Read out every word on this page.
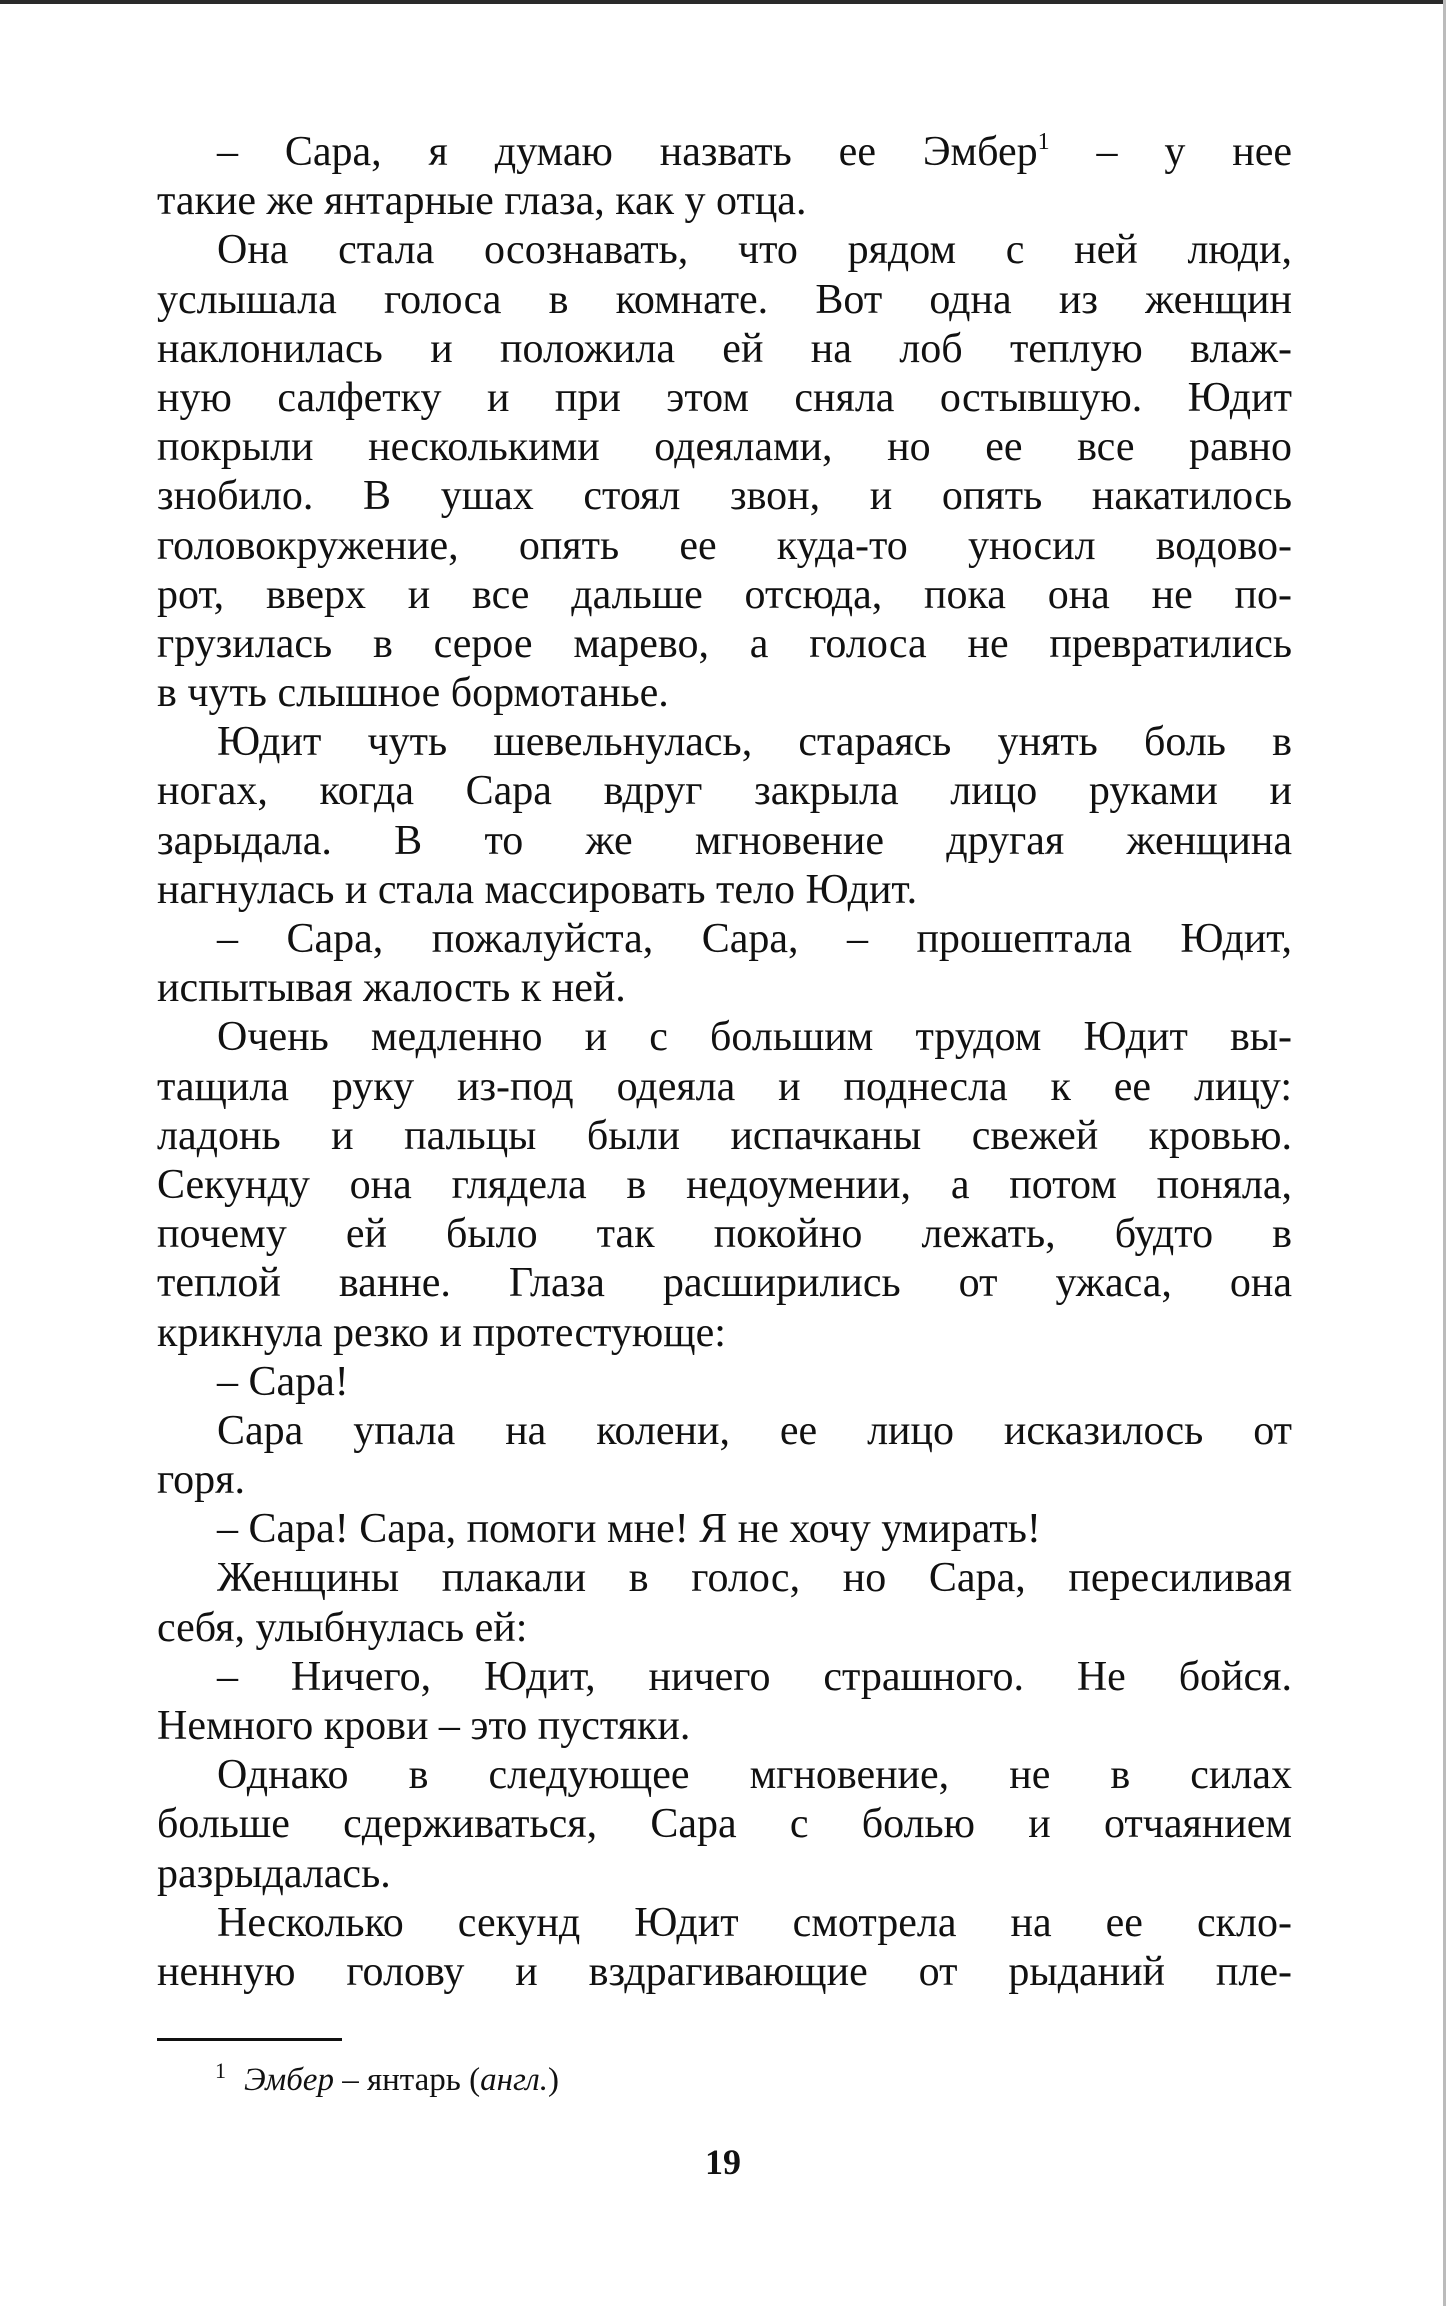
– Сара, я думаю назвать ее Эмбер$^1$ – у нее
такие же янтарные глаза, как у отца.
Она стала осознавать, что рядом с ней люди,
услышала голоса в комнате. Вот одна из женщин
наклонилась и положила ей на лоб теплую влаж-
ную салфетку и при этом сняла остывшую. Юдит
покрыли несколькими одеялами, но ее все равно
знобило. В ушах стоял звон, и опять накатилось
головокружение, опять ее куда-то уносил водово-
рот, вверх и все дальше отсюда, пока она не по-
грузилась в серое марево, а голоса не превратились
в чуть слышное бормотанье.
Юдит чуть шевельнулась, стараясь унять боль в
ногах, когда Сара вдруг закрыла лицо руками и
зарыдала. В то же мгновение другая женщина
нагнулась и стала массировать тело Юдит.
– Сара, пожалуйста, Сара, – прошептала Юдит,
испытывая жалость к ней.
Очень медленно и с большим трудом Юдит вы-
тащила руку из-под одеяла и поднесла к ее лицу:
ладонь и пальцы были испачканы свежей кровью.
Секунду она глядела в недоумении, а потом поняла,
почему ей было так покойно лежать, будто в
теплой ванне. Глаза расширились от ужаса, она
крикнула резко и протестующе:
– Сара!
Сара упала на колени, ее лицо исказилось от
горя.
– Сара! Сара, помоги мне! Я не хочу умирать!
Женщины плакали в голос, но Сара, пересиливая
себя, улыбнулась ей:
– Ничего, Юдит, ничего страшного. Не бойся.
Немного крови – это пустяки.
Однако в следующее мгновение, не в силах
больше сдерживаться, Сара с болью и отчаянием
разрыдалась.
Несколько секунд Юдит смотрела на ее скло-
ненную голову и вздрагивающие от рыданий пле-
$^1$ Эмбер – янтарь (англ.)
19
